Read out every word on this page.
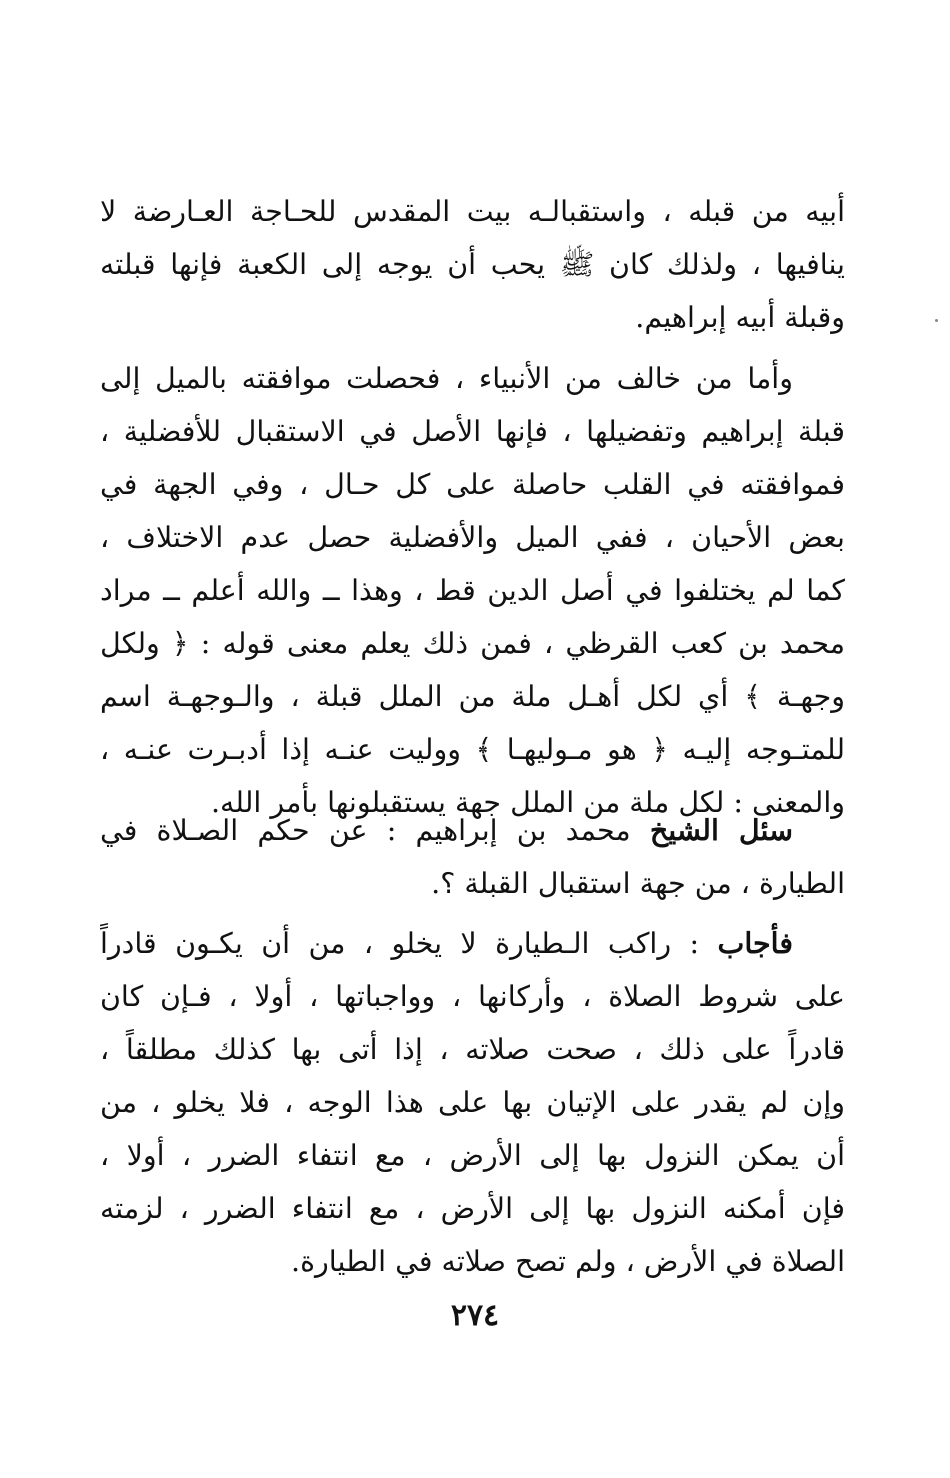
أبيه من قبله ، واستقبالـه بيت المقدس للحـاجة العـارضة لا
ينافيها ، ولذلك كان ﷺ يحب أن يوجه إلى الكعبة فإنها قبلته
وقبلة أبيه إبراهيم.
وأما من خالف من الأنبياء ، فحصلت موافقته بالميل إلى
قبلة إبراهيم وتفضيلها ، فإنها الأصل في الاستقبال للأفضلية ،
فموافقته في القلب حاصلة على كل حـال ، وفي الجهة في
بعض الأحيان ، ففي الميل والأفضلية حصل عدم الاختلاف ،
كما لم يختلفوا في أصل الدين قط ، وهذا ــ والله أعلم ــ مراد
محمد بن كعب القرظي ، فمن ذلك يعلم معنى قوله : ﴿ ولكل
وجهـة ﴾ أي لكل أهـل ملة من الملل قبلة ، والـوجهـة اسم
للمتـوجه إليـه ﴿ هو مـوليهـا ﴾ ووليت عنـه إذا أدبـرت عنـه ،
والمعنى : لكل ملة من الملل جهة يستقبلونها بأمر الله.
سئل الشيخ محمد بن إبراهيم : عن حكم الصـلاة في
الطيارة ، من جهة استقبال القبلة ؟.
فأجاب : راكب الـطيارة لا يخلو ، من أن يكـون قادراً
على شروط الصلاة ، وأركانها ، وواجباتها ، أولا ، فـإن كان
قادراً على ذلك ، صحت صلاته ، إذا أتى بها كذلك مطلقاً ،
وإن لم يقدر على الإتيان بها على هذا الوجه ، فلا يخلو ، من
أن يمكن النزول بها إلى الأرض ، مع انتفاء الضرر ، أولا ،
فإن أمكنه النزول بها إلى الأرض ، مع انتفاء الضرر ، لزمته
الصلاة في الأرض ، ولم تصح صلاته في الطيارة.
٢٧٤
